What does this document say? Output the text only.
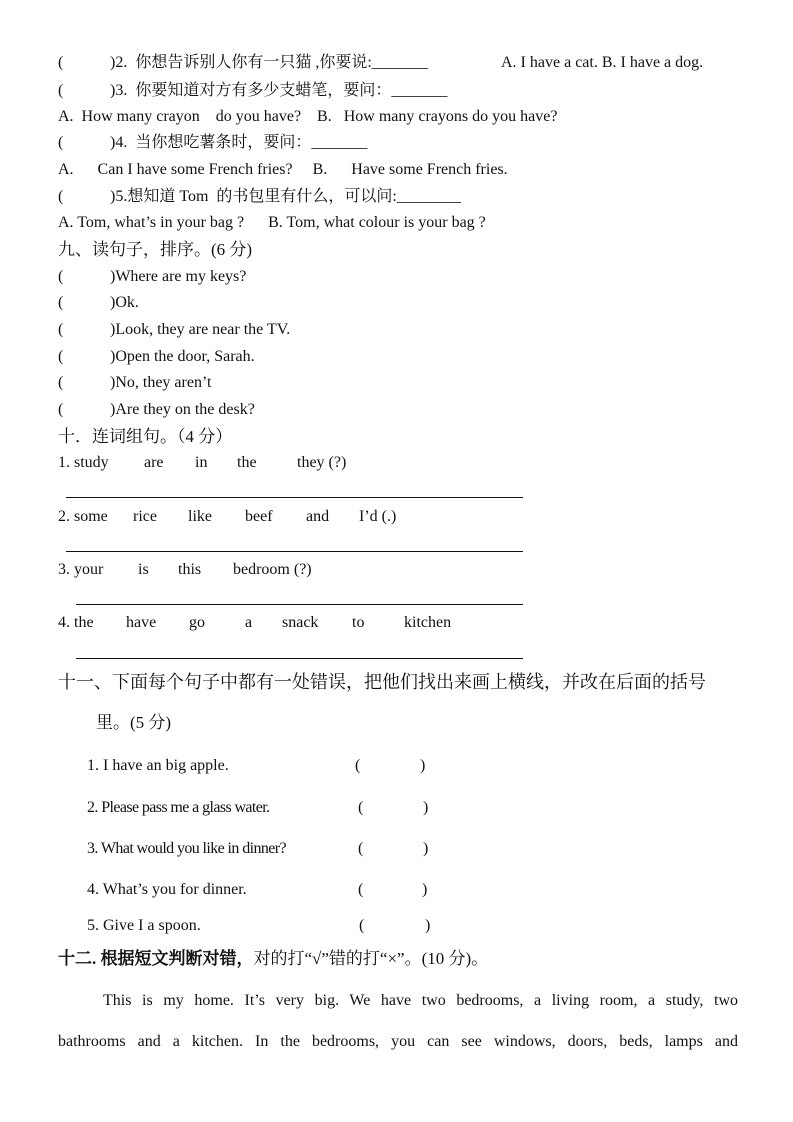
(	)2.  你想告诉别人你有一只猫 ,你要说:_______	A. I have a cat. B. I have a dog.
(	)3.  你要知道对方有多少支蜡笔，要问：_______
A.  How many crayon    do you have?    B.   How many crayons do you have?
(	)4.  当你想吃薯条时，要问：_______
A.      Can I have some French fries?     B.      Have some French fries.
(	)5.想知道 Tom  的书包里有什么，可以问:________
A. Tom, what’s in your bag ?      B. Tom, what colour is your bag ?
九、读句子，排序。(6 分)
(	)Where are my keys?
(	)Ok.
(	)Look, they are near the TV.
(	)Open the door, Sarah.
(	)No, they aren’t
(	)Are they on the desk?
十．连词组句。（4 分）
1. study are in the	they (?)
2. some rice like beef and I’d (.)
3. your is this bedroom (?)
4. the have go	a snack to kitchen
十一、下面每个句子中都有一处错误，把他们找出来画上横线，并改在后面的括号
里。(5 分)
1. I have an big apple.	(	)
2. Please pass me a glass water.	(	)
3. What would you like in dinner?	(	)
4. What’s you for dinner.	(	)
5. Give I a spoon.	(	)
十二. 根据短文判断对错，对的打“√”错的打“×”。(10 分)。
This is my home. It’s very big. We have two bedrooms, a living room, a study, two
bathrooms and a kitchen. In the bedrooms, you can see windows, doors, beds, lamps and
